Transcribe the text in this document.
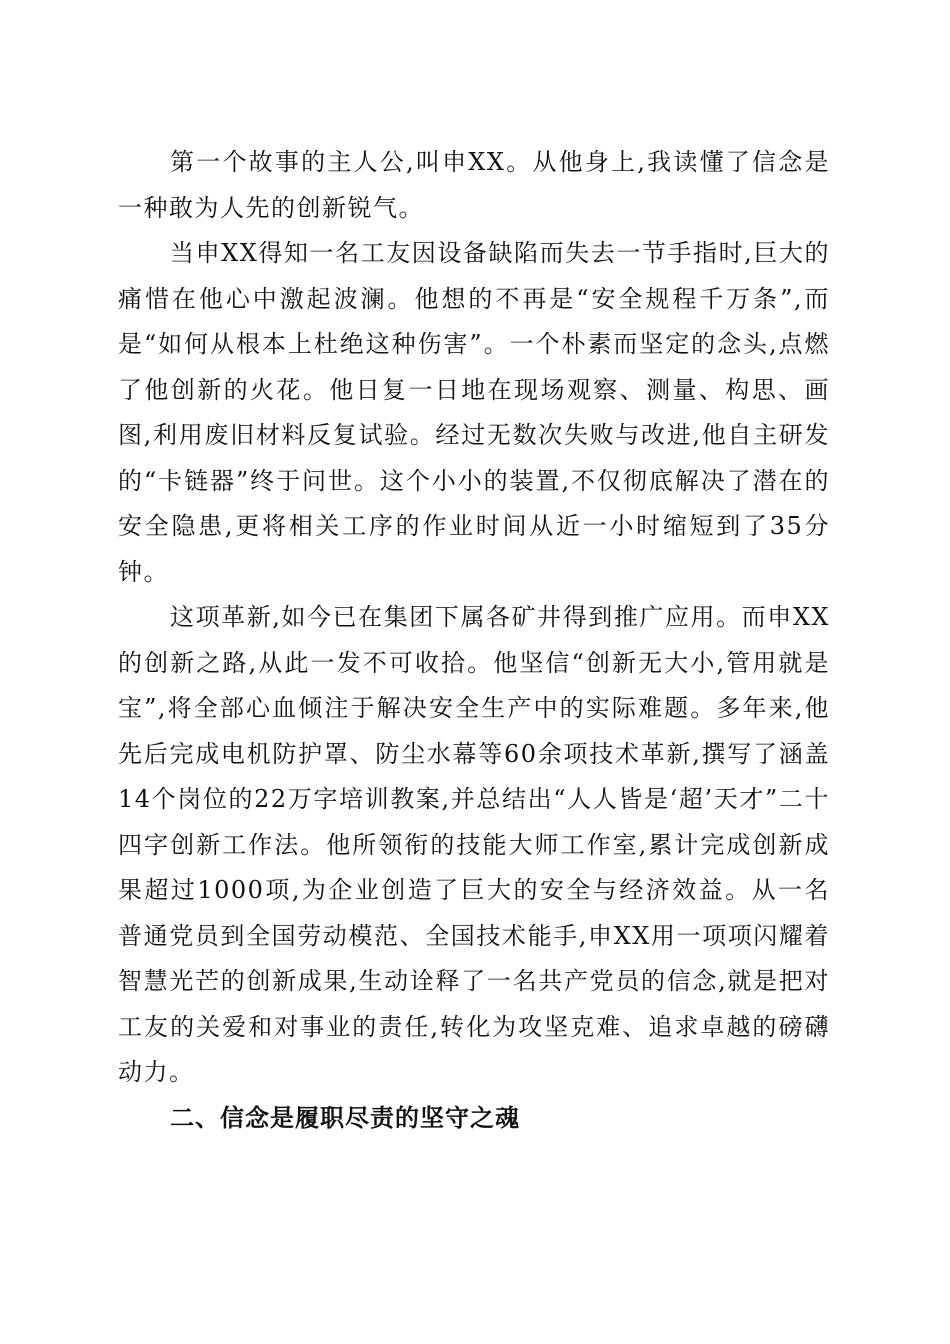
第一个故事的主人公,叫申XX。从他身上,我读懂了信念是一种敢为人先的创新锐气。

当申XX得知一名工友因设备缺陷而失去一节手指时,巨大的痛惜在他心中激起波澜。他想的不再是“安全规程千万条”,而是“如何从根本上杜绝这种伤害”。一个朴素而坚定的念头,点燃了他创新的火花。他日复一日地在现场观察、测量、构思、画图,利用废旧材料反复试验。经过无数次失败与改进,他自主研发的“卡链器”终于问世。这个小小的装置,不仅彻底解决了潜在的安全隐患,更将相关工序的作业时间从近一小时缩短到了35分钟。

这项革新,如今已在集团下属各矿井得到推广应用。而申XX的创新之路,从此一发不可收拾。他坚信“创新无大小,管用就是宝”,将全部心血倾注于解决安全生产中的实际难题。多年来,他先后完成电机防护罩、防尘水幕等60余项技术革新,撰写了涵盖14个岗位的22万字培训教案,并总结出“人人皆是‘超’天才”二十四字创新工作法。他所领衔的技能大师工作室,累计完成创新成果超过1000项,为企业创造了巨大的安全与经济效益。从一名普通党员到全国劳动模范、全国技术能手,申XX用一项项闪耀着智慧光芒的创新成果,生动诠释了一名共产党员的信念,就是把对工友的关爱和对事业的责任,转化为攻坚克难、追求卓越的磅礴动力。

二、信念是履职尽责的坚守之魂
